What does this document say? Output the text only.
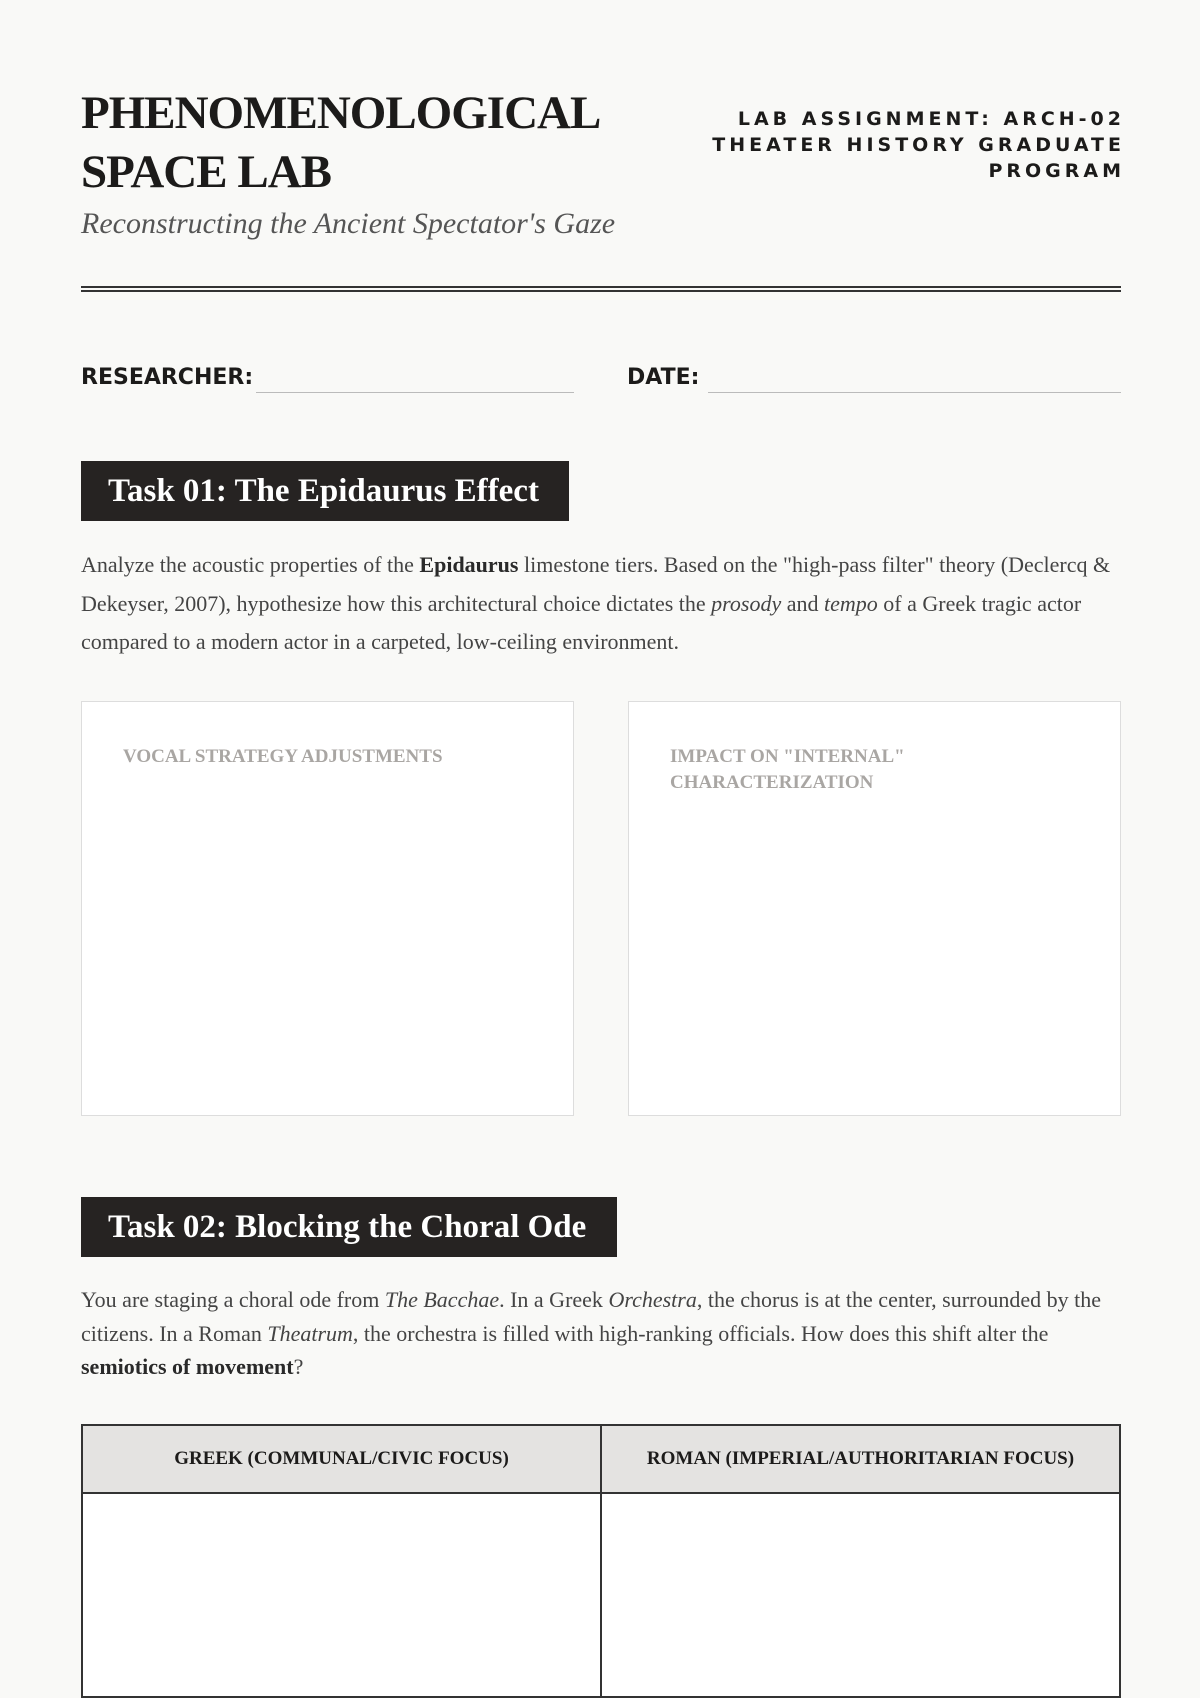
PHENOMENOLOGICAL
SPACE LAB

Reconstructing the Ancient Spectator's Gaze

LAB ASSIGNMENT: ARCH-02
THEATER HISTORY GRADUATE
PROGRAM
RESEARCHER:	DATE:
Task 01: The Epidaurus Effect

Analyze the acoustic properties of the Epidaurus limestone tiers. Based on the "high-pass filter" theory (Declercq & Dekeyser, 2007), hypothesize how this architectural choice dictates the prosody and tempo of a Greek tragic actor compared to a modern actor in a carpeted, low-ceiling environment.

VOCAL STRATEGY ADJUSTMENTS	IMPACT ON "INTERNAL" CHARACTERIZATION
Task 02: Blocking the Choral Ode

You are staging a choral ode from The Bacchae. In a Greek Orchestra, the chorus is at the center, surrounded by the citizens. In a Roman Theatrum, the orchestra is filled with high-ranking officials. How does this shift alter the semiotics of movement?

GREEK (COMMUNAL/CIVIC FOCUS)	ROMAN (IMPERIAL/AUTHORITARIAN FOCUS)
